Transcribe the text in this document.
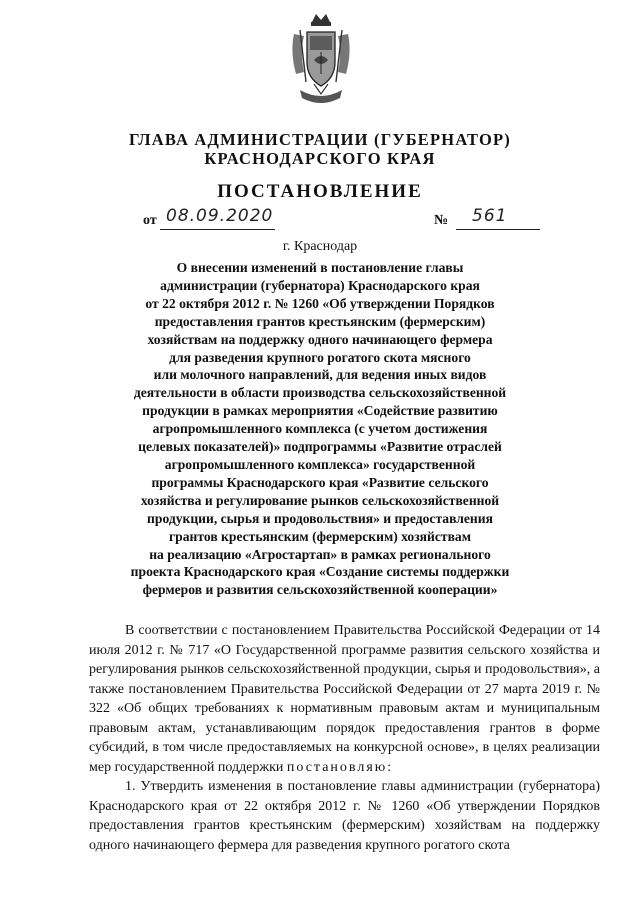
ГЛАВА АДМИНИСТРАЦИИ (ГУБЕРНАТОР)
КРАСНОДАРСКОГО КРАЯ
ПОСТАНОВЛЕНИЕ
от 08.09.2020	№ 561
г. Краснодар
О внесении изменений в постановление главы
администрации (губернатора) Краснодарского края
от 22 октября 2012 г. № 1260 «Об утверждении Порядков
предоставления грантов крестьянским (фермерским)
хозяйствам на поддержку одного начинающего фермера
для разведения крупного рогатого скота мясного
или молочного направлений, для ведения иных видов
деятельности в области производства сельскохозяйственной
продукции в рамках мероприятия «Содействие развитию
агропромышленного комплекса (с учетом достижения
целевых показателей)» подпрограммы «Развитие отраслей
агропромышленного комплекса» государственной
программы Краснодарского края «Развитие сельского
хозяйства и регулирование рынков сельскохозяйственной
продукции, сырья и продовольствия» и предоставления
грантов крестьянским (фермерским) хозяйствам
на реализацию «Агростартап» в рамках регионального
проекта Краснодарского края «Создание системы поддержки
фермеров и развития сельскохозяйственной кооперации»

В соответствии с постановлением Правительства Российской Федерации от 14 июля 2012 г. № 717 «О Государственной программе развития сельского хозяйства и регулирования рынков сельскохозяйственной продукции, сырья и продовольствия», а также постановлением Правительства Российской Федерации от 27 марта 2019 г. № 322 «Об общих требованиях к нормативным правовым актам и муниципальным правовым актам, устанавливающим порядок предоставления грантов в форме субсидий, в том числе предоставляемых на конкурсной основе», в целях реализации мер государственной поддержки постановляю:

1. Утвердить изменения в постановление главы администрации (губернатора) Краснодарского края от 22 октября 2012 г. № 1260 «Об утверждении Порядков предоставления грантов крестьянским (фермерским) хозяйствам на поддержку одного начинающего фермера для разведения крупного рогатого скота
